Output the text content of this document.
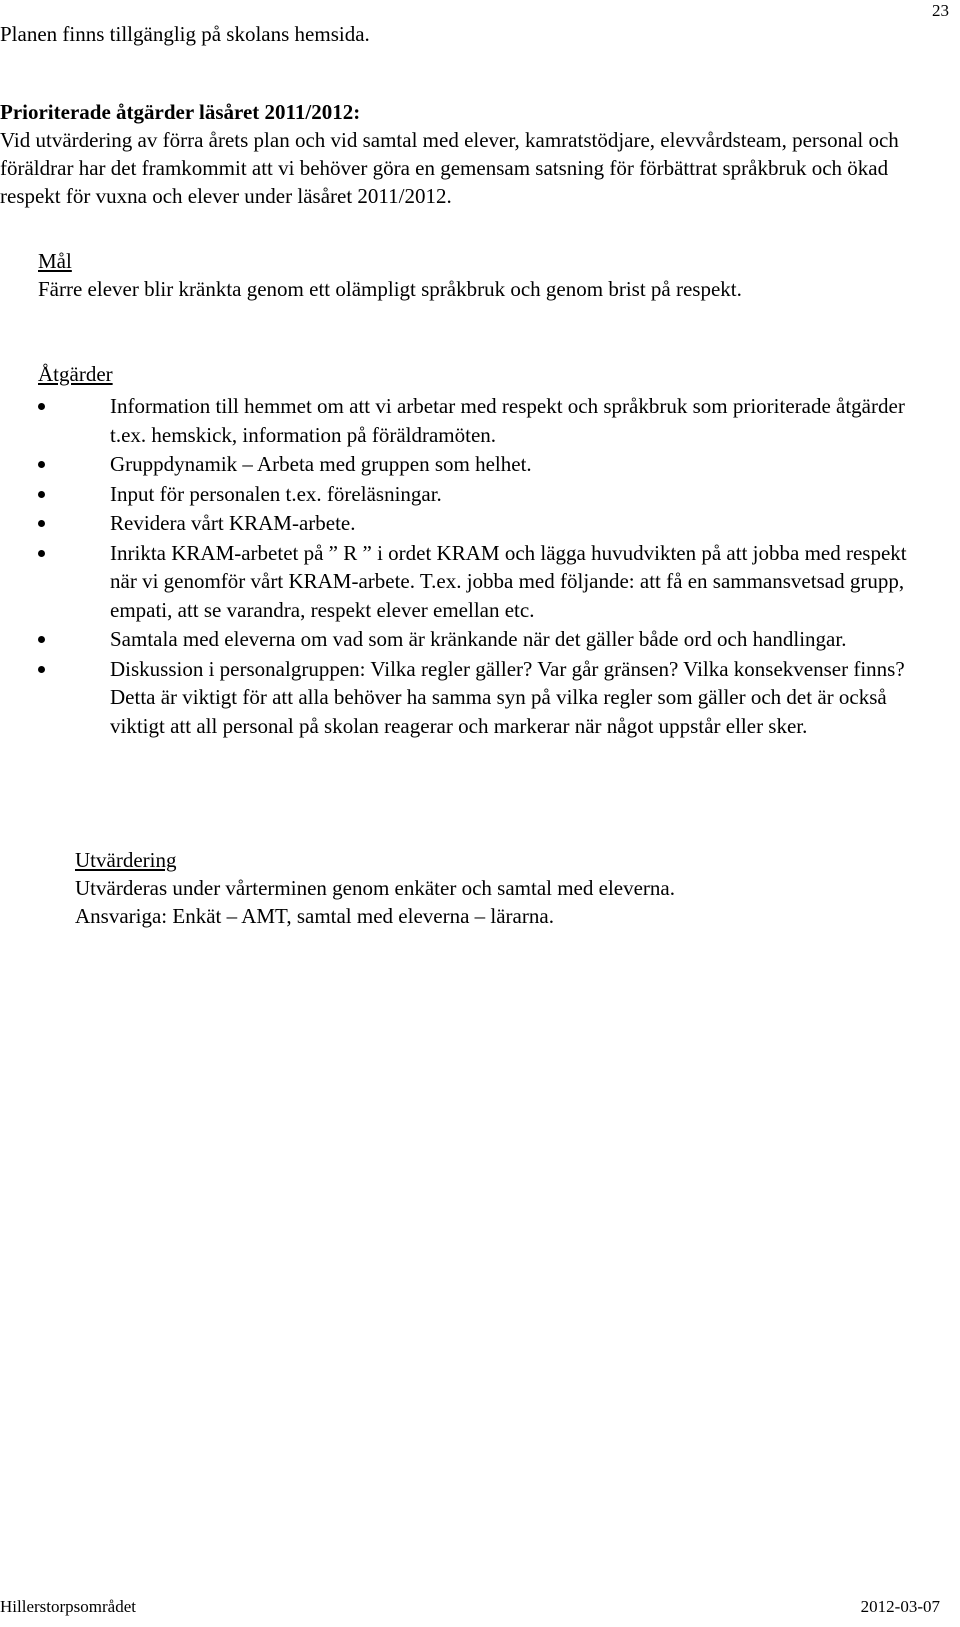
23
Planen finns tillgänglig på skolans hemsida.

Prioriterade åtgärder läsåret 2011/2012:

Vid utvärdering av förra årets plan och vid samtal med elever, kamratstödjare, elevvårdsteam, personal och föräldrar har det framkommit att vi behöver göra en gemensam satsning för förbättrat språkbruk och ökad respekt för vuxna och elever under läsåret 2011/2012.

Mål

Färre elever blir kränkta genom ett olämpligt språkbruk och genom brist på respekt.

Åtgärder

Information till hemmet om att vi arbetar med respekt och språkbruk som prioriterade åtgärder t.ex. hemskick, information på föräldramöten.
Gruppdynamik – Arbeta med gruppen som helhet.
Input för personalen t.ex. föreläsningar.
Revidera vårt KRAM-arbete.
Inrikta KRAM-arbetet på ” R ” i ordet KRAM och lägga huvudvikten på att jobba med respekt när vi genomför vårt KRAM-arbete. T.ex. jobba med följande: att få en sammansvetsad grupp, empati, att se varandra, respekt elever emellan etc.
Samtala med eleverna om vad som är kränkande när det gäller både ord och handlingar.
Diskussion i personalgruppen: Vilka regler gäller? Var går gränsen? Vilka konsekvenser finns? Detta är viktigt för att alla behöver ha samma syn på vilka regler som gäller och det är också viktigt att all personal på skolan reagerar och markerar när något uppstår eller sker.

Utvärdering

Utvärderas under vårterminen genom enkäter och samtal med eleverna.

Ansvariga: Enkät – AMT, samtal med eleverna – lärarna.

Hillerstorpsområdet	2012-03-07
